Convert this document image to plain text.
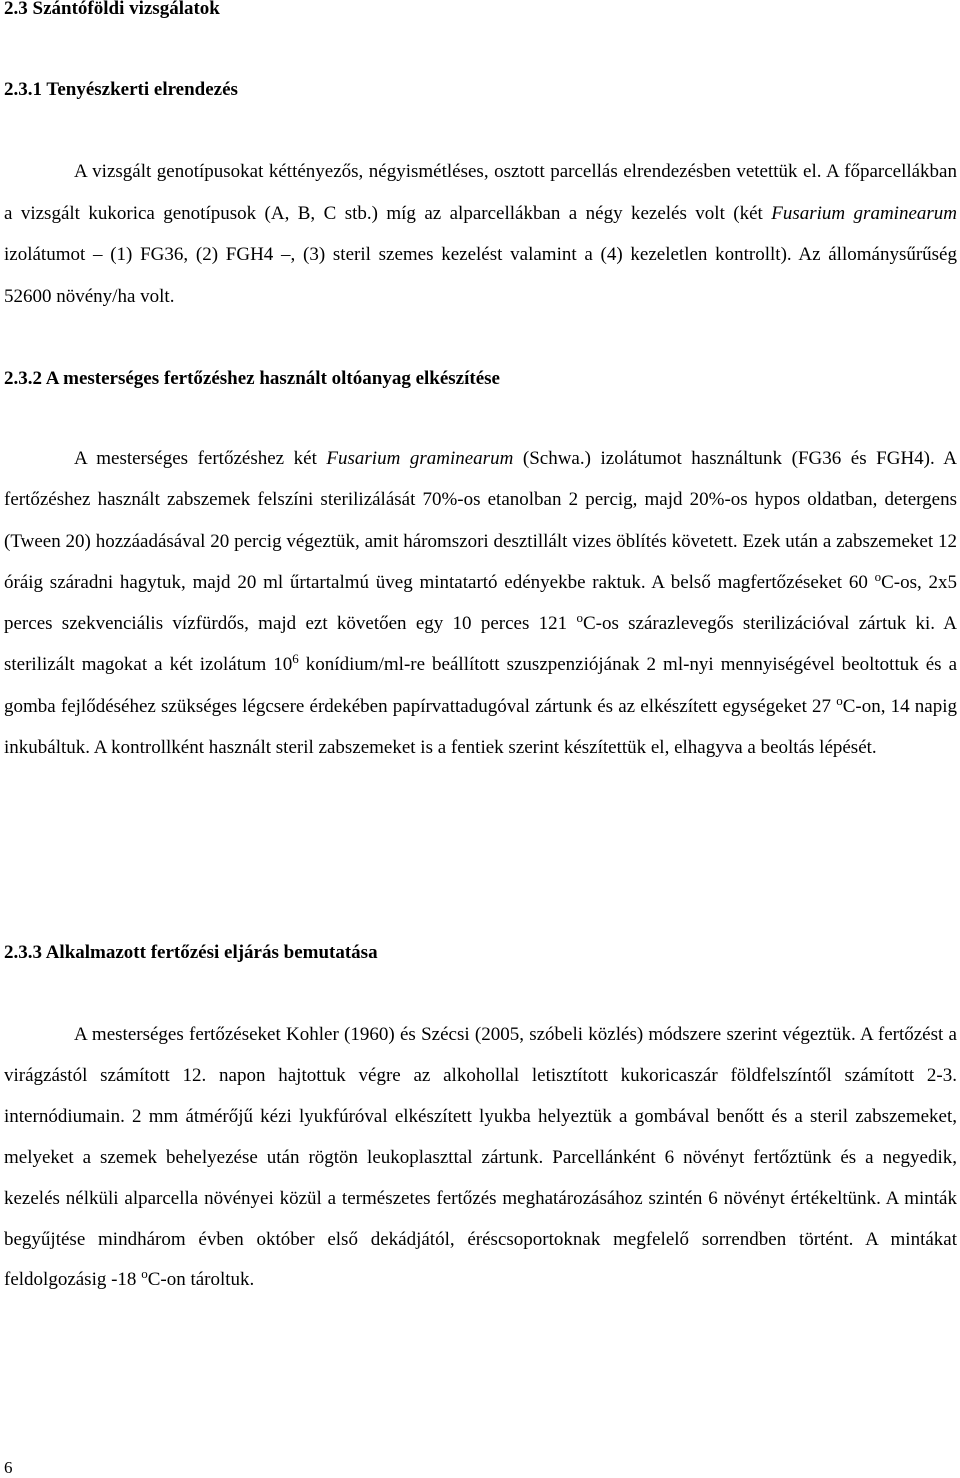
2.3 Szántóföldi vizsgálatok
2.3.1 Tenyészkerti elrendezés

A vizsgált genotípusokat kéttényezős, négyismétléses, osztott parcellás elrendezésben vetettük el. A főparcellákban a vizsgált kukorica genotípusok (A, B, C stb.) míg az alparcellákban a négy kezelés volt (két Fusarium graminearum izolátumot – (1) FG36, (2) FGH4 –, (3) steril szemes kezelést valamint a (4) kezeletlen kontrollt). Az állománysűrűség 52600 növény/ha volt.

2.3.2 A mesterséges fertőzéshez használt oltóanyag elkészítése

A mesterséges fertőzéshez két Fusarium graminearum (Schwa.) izolátumot használtunk (FG36 és FGH4). A fertőzéshez használt zabszemek felszíni sterilizálását 70%-os etanolban 2 percig, majd 20%-os hypos oldatban, detergens (Tween 20) hozzáadásával 20 percig végeztük, amit háromszori desztillált vizes öblítés követett. Ezek után a zabszemeket 12 óráig száradni hagytuk, majd 20 ml űrtartalmú üveg mintatartó edényekbe raktuk. A belső magfertőzéseket 60 $^o$C-os, 2x5 perces szekvenciális vízfürdős, majd ezt követően egy 10 perces 121 $^o$C-os szárazlevegős sterilizációval zártuk ki. A sterilizált magokat a két izolátum $10^6$ konídium/ml-re beállított szuszpenziójának 2 ml-nyi mennyiségével beoltottuk és a gomba fejlődéséhez szükséges légcsere érdekében papírvattadugóval zártunk és az elkészített egységeket 27 $^o$C-on, 14 napig inkubáltuk. A kontrollként használt steril zabszemeket is a fentiek szerint készítettük el, elhagyva a beoltás lépését.

2.3.3 Alkalmazott fertőzési eljárás bemutatása

A mesterséges fertőzéseket Kohler (1960) és Szécsi (2005, szóbeli közlés) módszere szerint végeztük. A fertőzést a virágzástól számított 12. napon hajtottuk végre az alkohollal letisztított kukoricaszár földfelszíntől számított 2-3. internódiumain. 2 mm átmérőjű kézi lyukfúróval elkészített lyukba helyeztük a gombával benőtt és a steril zabszemeket, melyeket a szemek behelyezése után rögtön leukoplaszttal zártunk. Parcellánként 6 növényt fertőztünk és a negyedik, kezelés nélküli alparcella növényei közül a természetes fertőzés meghatározásához szintén 6 növényt értékeltünk. A minták begyűjtése mindhárom évben október első dekádjától, éréscsoportoknak megfelelő sorrendben történt. A mintákat feldolgozásig -18 $^o$C-on tároltuk.

6
